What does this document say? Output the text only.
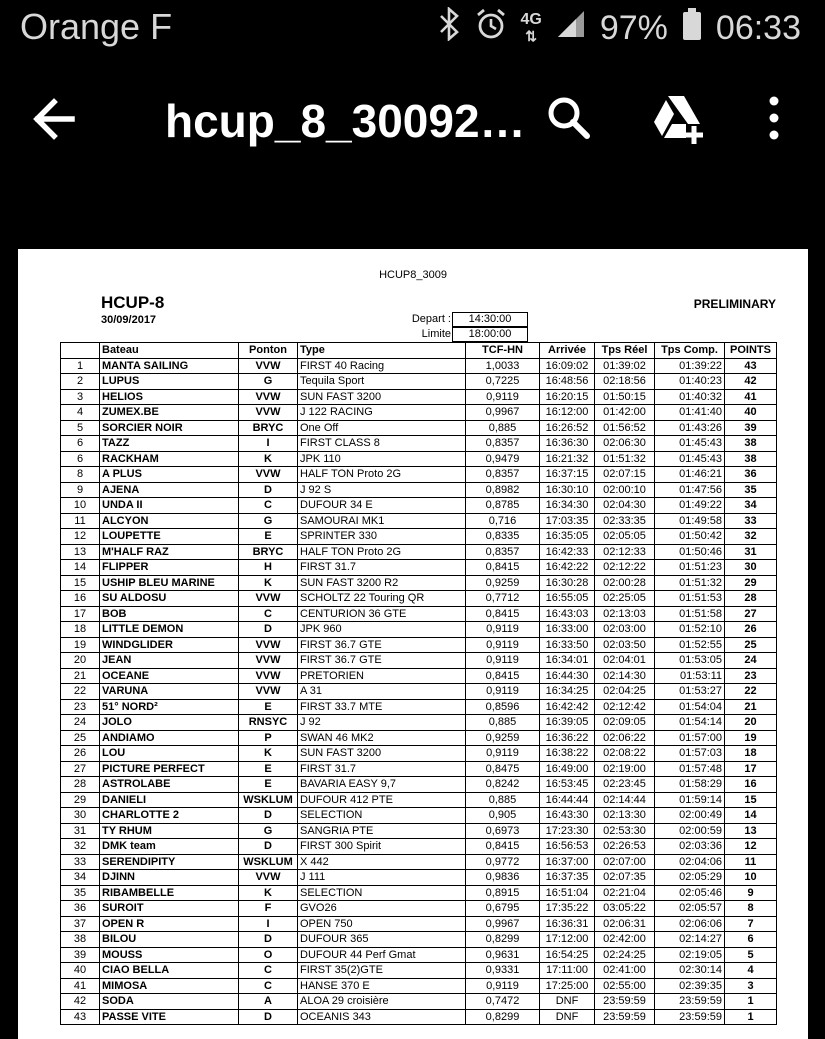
Orange F	4G
⇅ 97% 06:33
hcup_8_30092…
HCUP8_3009
HCUP-8
30/09/2017
PRELIMINARY
Depart :	14:30:00
Limite	18:00:00
	Bateau	Ponton	Type	TCF-HN	Arrivée	Tps Réel	Tps Comp.	POINTS
1	MANTA SAILING	VVW	FIRST 40 Racing	1,0033	16:09:02	01:39:02	01:39:22	43
2	LUPUS	G	Tequila Sport	0,7225	16:48:56	02:18:56	01:40:23	42
3	HELIOS	VVW	SUN FAST 3200	0,9119	16:20:15	01:50:15	01:40:32	41
4	ZUMEX.BE	VVW	J 122 RACING	0,9967	16:12:00	01:42:00	01:41:40	40
5	SORCIER NOIR	BRYC	One Off	0,885	16:26:52	01:56:52	01:43:26	39
6	TAZZ	I	FIRST CLASS 8	0,8357	16:36:30	02:06:30	01:45:43	38
6	RACKHAM	K	JPK 110	0,9479	16:21:32	01:51:32	01:45:43	38
8	A PLUS	VVW	HALF TON Proto 2G	0,8357	16:37:15	02:07:15	01:46:21	36
9	AJENA	D	J 92 S	0,8982	16:30:10	02:00:10	01:47:56	35
10	UNDA II	C	DUFOUR 34 E	0,8785	16:34:30	02:04:30	01:49:22	34
11	ALCYON	G	SAMOURAI MK1	0,716	17:03:35	02:33:35	01:49:58	33
12	LOUPETTE	E	SPRINTER 330	0,8335	16:35:05	02:05:05	01:50:42	32
13	M'HALF RAZ	BRYC	HALF TON Proto 2G	0,8357	16:42:33	02:12:33	01:50:46	31
14	FLIPPER	H	FIRST 31.7	0,8415	16:42:22	02:12:22	01:51:23	30
15	USHIP BLEU MARINE	K	SUN FAST 3200 R2	0,9259	16:30:28	02:00:28	01:51:32	29
16	SU ALDOSU	VVW	SCHOLTZ 22 Touring QR	0,7712	16:55:05	02:25:05	01:51:53	28
17	BOB	C	CENTURION 36 GTE	0,8415	16:43:03	02:13:03	01:51:58	27
18	LITTLE DEMON	D	JPK 960	0,9119	16:33:00	02:03:00	01:52:10	26
19	WINDGLIDER	VVW	FIRST 36.7 GTE	0,9119	16:33:50	02:03:50	01:52:55	25
20	JEAN	VVW	FIRST 36.7 GTE	0,9119	16:34:01	02:04:01	01:53:05	24
21	OCEANE	VVW	PRETORIEN	0,8415	16:44:30	02:14:30	01:53:11	23
22	VARUNA	VVW	A 31	0,9119	16:34:25	02:04:25	01:53:27	22
23	51° NORD²	E	FIRST 33.7 MTE	0,8596	16:42:42	02:12:42	01:54:04	21
24	JOLO	RNSYC	J 92	0,885	16:39:05	02:09:05	01:54:14	20
25	ANDIAMO	P	SWAN 46 MK2	0,9259	16:36:22	02:06:22	01:57:00	19
26	LOU	K	SUN FAST 3200	0,9119	16:38:22	02:08:22	01:57:03	18
27	PICTURE PERFECT	E	FIRST 31.7	0,8475	16:49:00	02:19:00	01:57:48	17
28	ASTROLABE	E	BAVARIA EASY 9,7	0,8242	16:53:45	02:23:45	01:58:29	16
29	DANIELI	WSKLUM	DUFOUR 412 PTE	0,885	16:44:44	02:14:44	01:59:14	15
30	CHARLOTTE 2	D	SELECTION	0,905	16:43:30	02:13:30	02:00:49	14
31	TY RHUM	G	SANGRIA PTE	0,6973	17:23:30	02:53:30	02:00:59	13
32	DMK team	D	FIRST 300 Spirit	0,8415	16:56:53	02:26:53	02:03:36	12
33	SERENDIPITY	WSKLUM	X 442	0,9772	16:37:00	02:07:00	02:04:06	11
34	DJINN	VVW	J 111	0,9836	16:37:35	02:07:35	02:05:29	10
35	RIBAMBELLE	K	SELECTION	0,8915	16:51:04	02:21:04	02:05:46	9
36	SUROIT	F	GVO26	0,6795	17:35:22	03:05:22	02:05:57	8
37	OPEN R	I	OPEN 750	0,9967	16:36:31	02:06:31	02:06:06	7
38	BILOU	D	DUFOUR 365	0,8299	17:12:00	02:42:00	02:14:27	6
39	MOUSS	O	DUFOUR 44 Perf Gmat	0,9631	16:54:25	02:24:25	02:19:05	5
40	CIAO BELLA	C	FIRST 35(2)GTE	0,9331	17:11:00	02:41:00	02:30:14	4
41	MIMOSA	C	HANSE 370 E	0,9119	17:25:00	02:55:00	02:39:35	3
42	SODA	A	ALOA 29 croisière	0,7472	DNF	23:59:59	23:59:59	1
43	PASSE VITE	D	OCEANIS 343	0,8299	DNF	23:59:59	23:59:59	1
